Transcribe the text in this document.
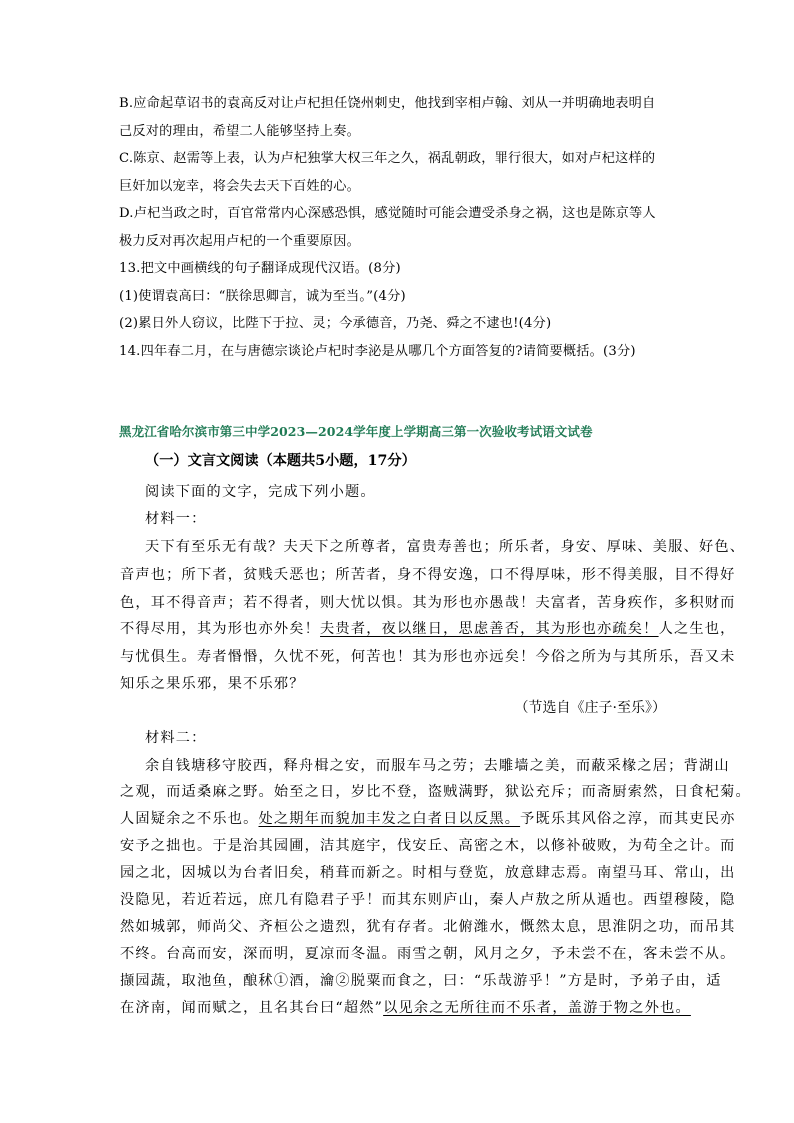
B.应命起草诏书的袁高反对让卢杞担任饶州刺史，他找到宰相卢翰、刘从一并明确地表明自
己反对的理由，希望二人能够坚持上奏。
C.陈京、赵需等上表，认为卢杞独掌大权三年之久，祸乱朝政，罪行很大，如对卢杞这样的
巨奸加以宠幸，将会失去天下百姓的心。
D.卢杞当政之时，百官常常内心深感恐惧，感觉随时可能会遭受杀身之祸，这也是陈京等人
极力反对再次起用卢杞的一个重要原因。
13.把文中画横线的句子翻译成现代汉语。(8分)
(1)使谓袁高曰：“朕徐思卿言，诚为至当。”(4分)
(2)累日外人窃议，比陛下于拉、灵；今承德音，乃尧、舜之不逮也!(4分)
14.四年春二月，在与唐德宗谈论卢杞时李泌是从哪几个方面答复的?请简要概括。(3分)
黑龙江省哈尔滨市第三中学2023—2024学年度上学期高三第一次验收考试语文试卷
（一）文言文阅读（本题共5小题，17分）
阅读下面的文字，完成下列小题。
材料一：
天下有至乐无有哉？夫天下之所尊者，富贵寿善也；所乐者，身安、厚味、美服、好色、
音声也；所下者，贫贱夭恶也；所苦者，身不得安逸，口不得厚味，形不得美服，目不得好
色，耳不得音声；若不得者，则大忧以惧。其为形也亦愚哉！夫富者，苦身疾作，多积财而
不得尽用，其为形也亦外矣！夫贵者，夜以继日，思虑善否，其为形也亦疏矣！人之生也，
与忧俱生。寿者惽惽，久忧不死，何苦也！其为形也亦远矣！今俗之所为与其所乐，吾又未
知乐之果乐邪，果不乐邪？
（节选自《庄子·至乐》）
材料二：
余自钱塘移守胶西，释舟楫之安，而服车马之劳；去雕墙之美，而蔽采椽之居；背湖山
之观，而适桑麻之野。始至之日，岁比不登，盗贼满野，狱讼充斥；而斋厨索然，日食杞菊。
人固疑余之不乐也。处之期年而貌加丰发之白者日以反黑。予既乐其风俗之淳，而其吏民亦
安予之拙也。于是治其园圃，洁其庭宇，伐安丘、高密之木，以修补破败，为苟全之计。而
园之北，因城以为台者旧矣，稍葺而新之。时相与登览，放意肆志焉。南望马耳、常山，出
没隐见，若近若远，庶几有隐君子乎！而其东则庐山，秦人卢敖之所从遁也。西望穆陵，隐
然如城郭，师尚父、齐桓公之遗烈，犹有存者。北俯潍水，慨然太息，思淮阴之功，而吊其
不终。台高而安，深而明，夏凉而冬温。雨雪之朝，风月之夕，予未尝不在，客未尝不从。
撷园蔬，取池鱼，酿秫①酒，瀹②脱粟而食之，曰：“乐哉游乎！”方是时，予弟子由，适
在济南，闻而赋之，且名其台曰“超然”以见余之无所往而不乐者，盖游于物之外也。
